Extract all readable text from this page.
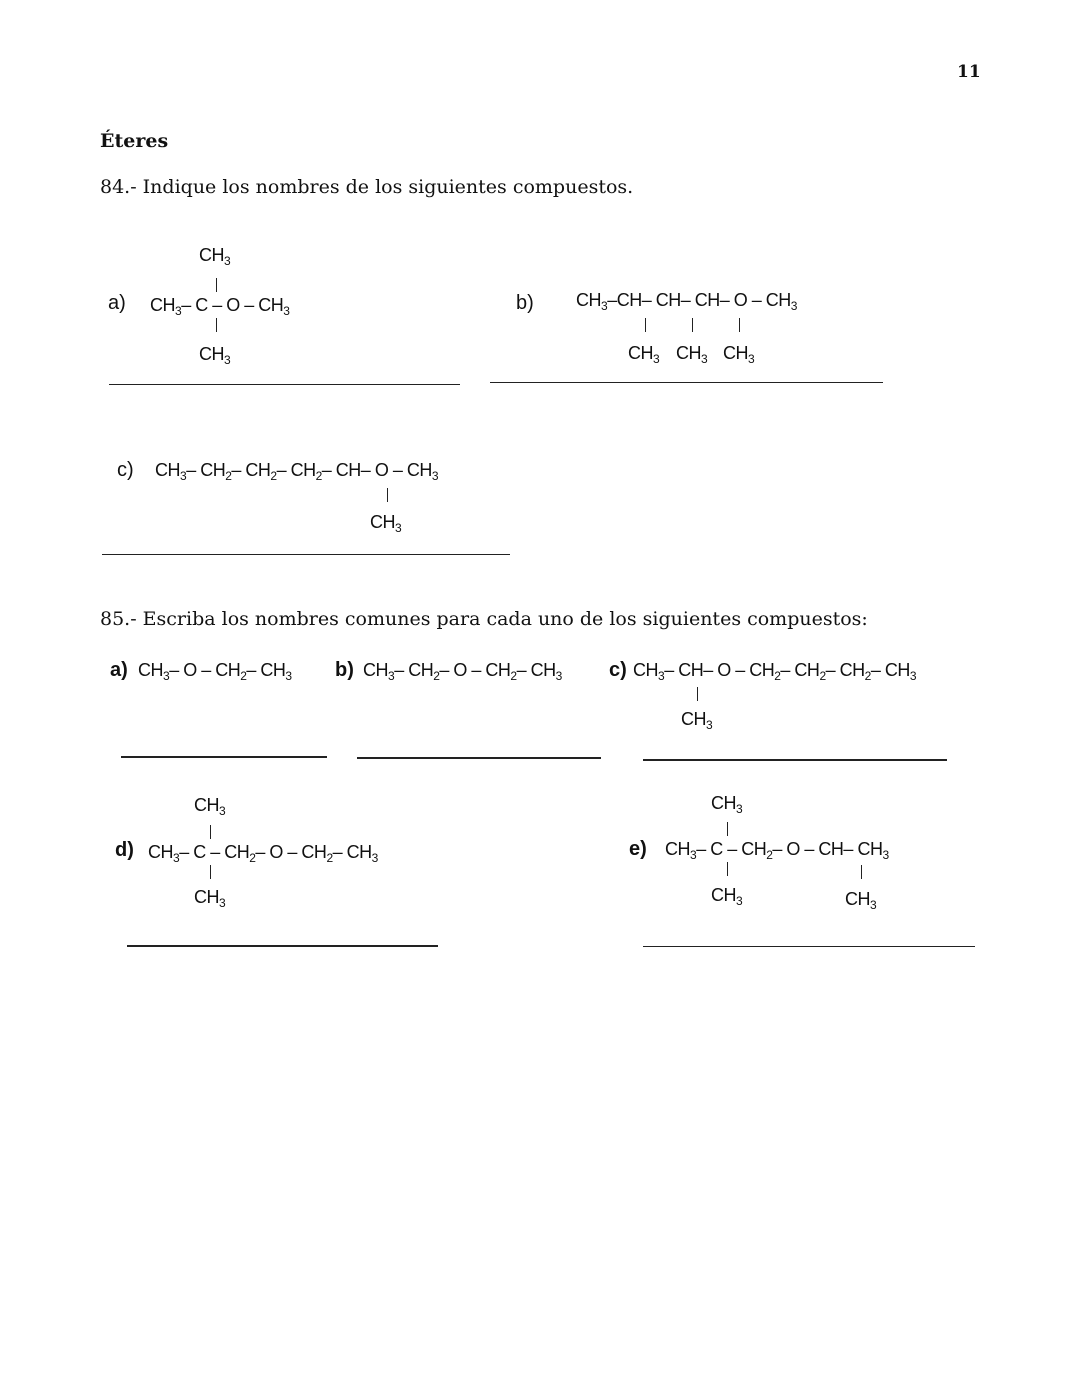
11
Éteres
84.- Indique los nombres de los siguientes compuestos.
a)
$CH_3$
$CH_3-$ C – O – $CH_3$
$CH_3$
b) $CH_3-CH-$ CH– CH– O – $CH_3$
$CH_3$ $CH_3$ $CH_3$
c) $CH_3-$ $CH_2-$ $CH_2-$ $CH_2-$ CH– O – $CH_3$
$CH_3$
85.- Escriba los nombres comunes para cada uno de los siguientes compuestos:
a) $CH_3-$ O – $CH_2-$ $CH_3$ b) $CH_3-$ $CH_2-$ O – $CH_2-$ $CH_3$ c) $CH_3-$ CH– O – $CH_2-$ $CH_2-$ $CH_2-$ $CH_3$
$CH_3$
d)
$CH_3$
$CH_3-$ C – $CH_2-$ O – $CH_2-$ $CH_3$
$CH_3$
e)
$CH_3$
$CH_3-$ C – $CH_2-$ O – CH– $CH_3$
$CH_3$	$CH_3$
